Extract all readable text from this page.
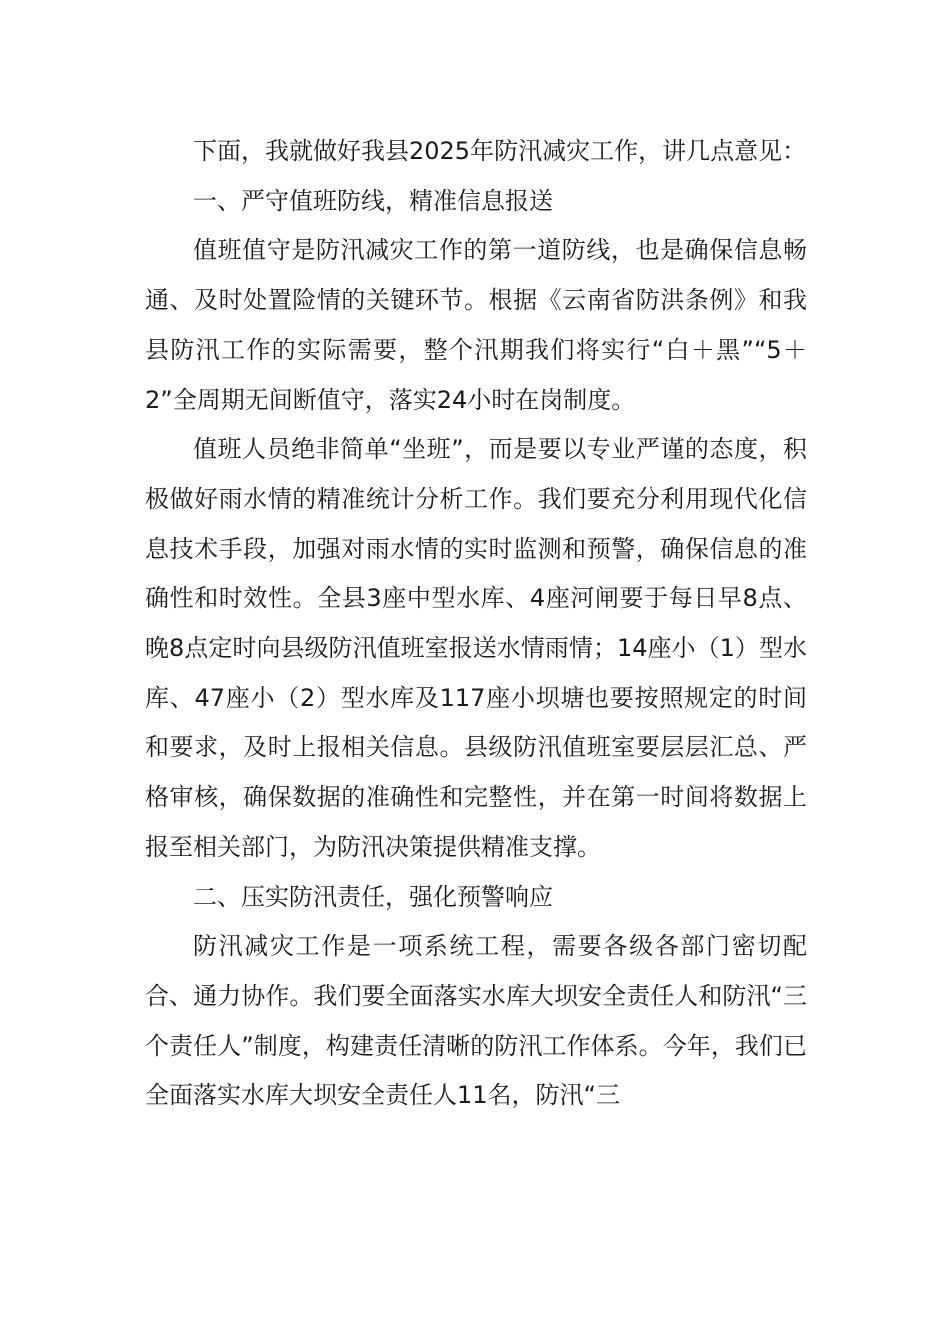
下面，我就做好我县2025年防汛减灾工作，讲几点意见：

一、严守值班防线，精准信息报送

值班值守是防汛减灾工作的第一道防线，也是确保信息畅通、及时处置险情的关键环节。根据《云南省防洪条例》和我县防汛工作的实际需要，整个汛期我们将实行“白＋黑”“5＋2”全周期无间断值守，落实24小时在岗制度。

值班人员绝非简单“坐班”，而是要以专业严谨的态度，积极做好雨水情的精准统计分析工作。我们要充分利用现代化信息技术手段，加强对雨水情的实时监测和预警，确保信息的准确性和时效性。全县3座中型水库、4座河闸要于每日早8点、晚8点定时向县级防汛值班室报送水情雨情；14座小（1）型水库、47座小（2）型水库及117座小坝塘也要按照规定的时间和要求，及时上报相关信息。县级防汛值班室要层层汇总、严格审核，确保数据的准确性和完整性，并在第一时间将数据上报至相关部门，为防汛决策提供精准支撑。

二、压实防汛责任，强化预警响应

防汛减灾工作是一项系统工程，需要各级各部门密切配合、通力协作。我们要全面落实水库大坝安全责任人和防汛“三个责任人”制度，构建责任清晰的防汛工作体系。今年，我们已全面落实水库大坝安全责任人11名，防汛“三
